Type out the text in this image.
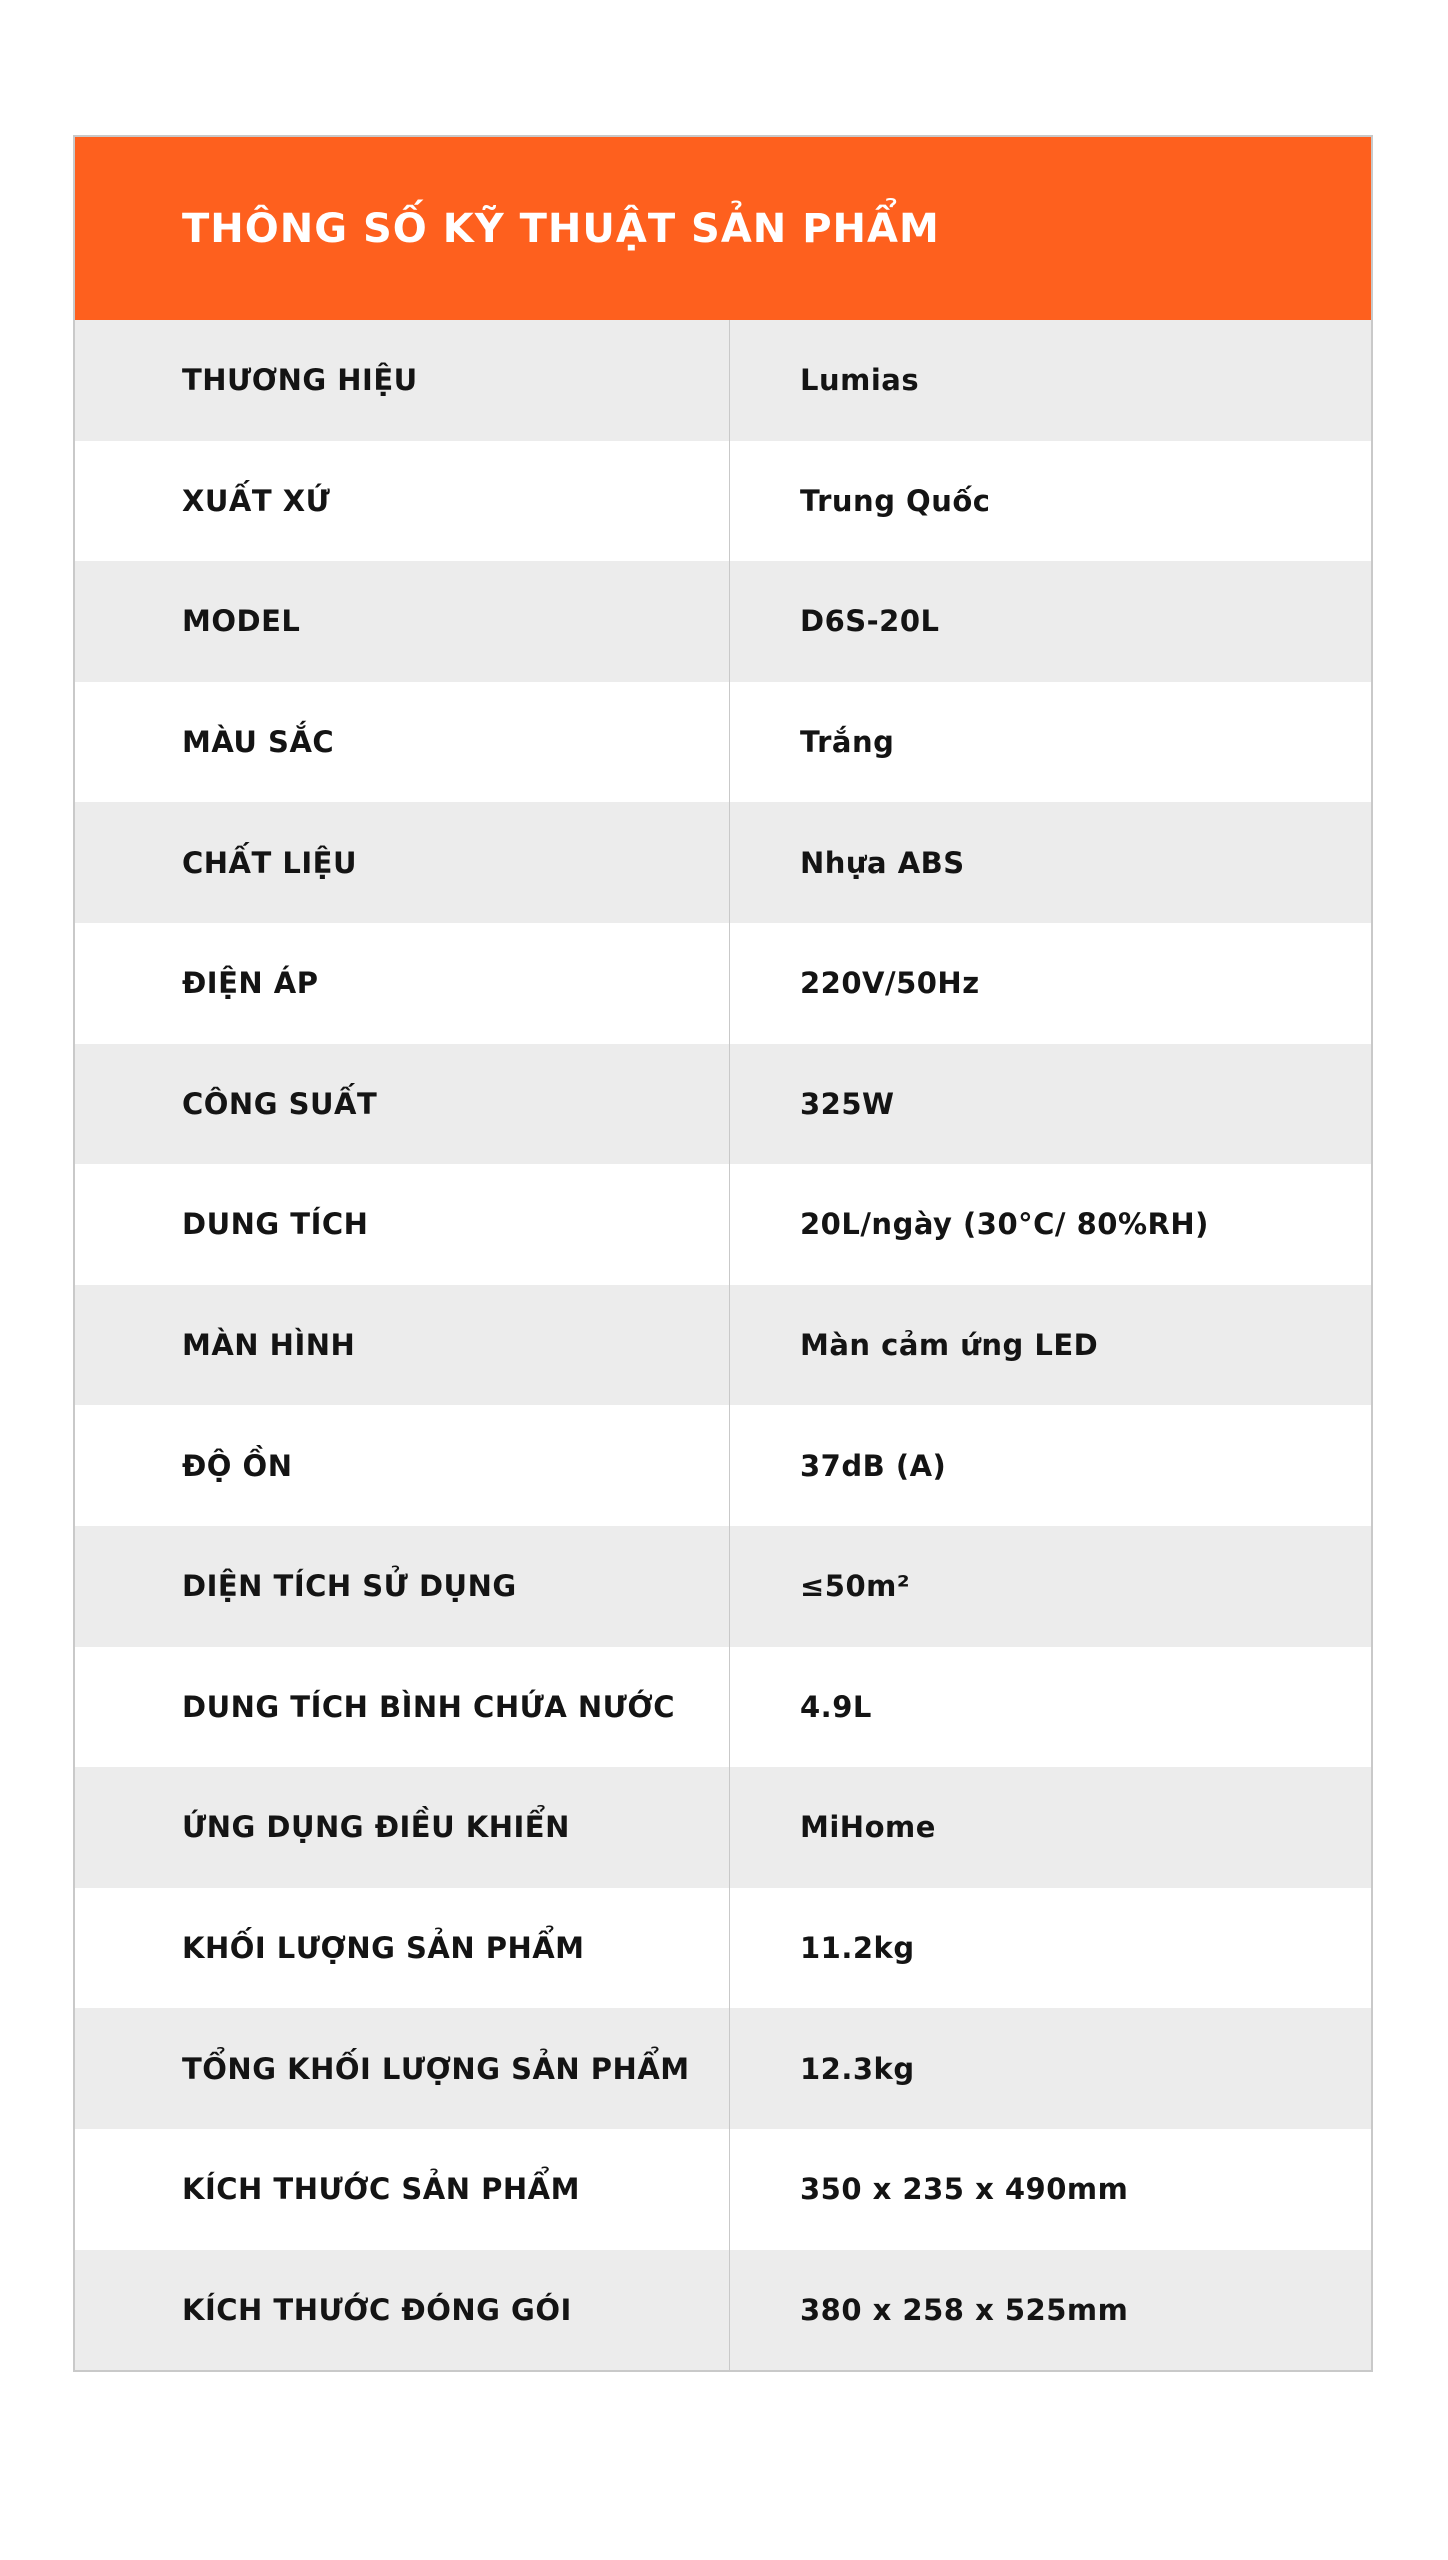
THÔNG SỐ KỸ THUẬT SẢN PHẨM
THƯƠNG HIỆU	Lumias
XUẤT XỨ	Trung Quốc
MODEL	D6S-20L
MÀU SẮC	Trắng
CHẤT LIỆU	Nhựa ABS
ĐIỆN ÁP	220V/50Hz
CÔNG SUẤT	325W
DUNG TÍCH	20L/ngày (30°C/ 80%RH)
MÀN HÌNH	Màn cảm ứng LED
ĐỘ ỒN	37dB (A)
DIỆN TÍCH SỬ DỤNG	≤50m²
DUNG TÍCH BÌNH CHỨA NƯỚC	4.9L
ỨNG DỤNG ĐIỀU KHIỂN	MiHome
KHỐI LƯỢNG SẢN PHẨM	11.2kg
TỔNG KHỐI LƯỢNG SẢN PHẨM	12.3kg
KÍCH THƯỚC SẢN PHẨM	350 x 235 x 490mm
KÍCH THƯỚC ĐÓNG GÓI	380 x 258 x 525mm
